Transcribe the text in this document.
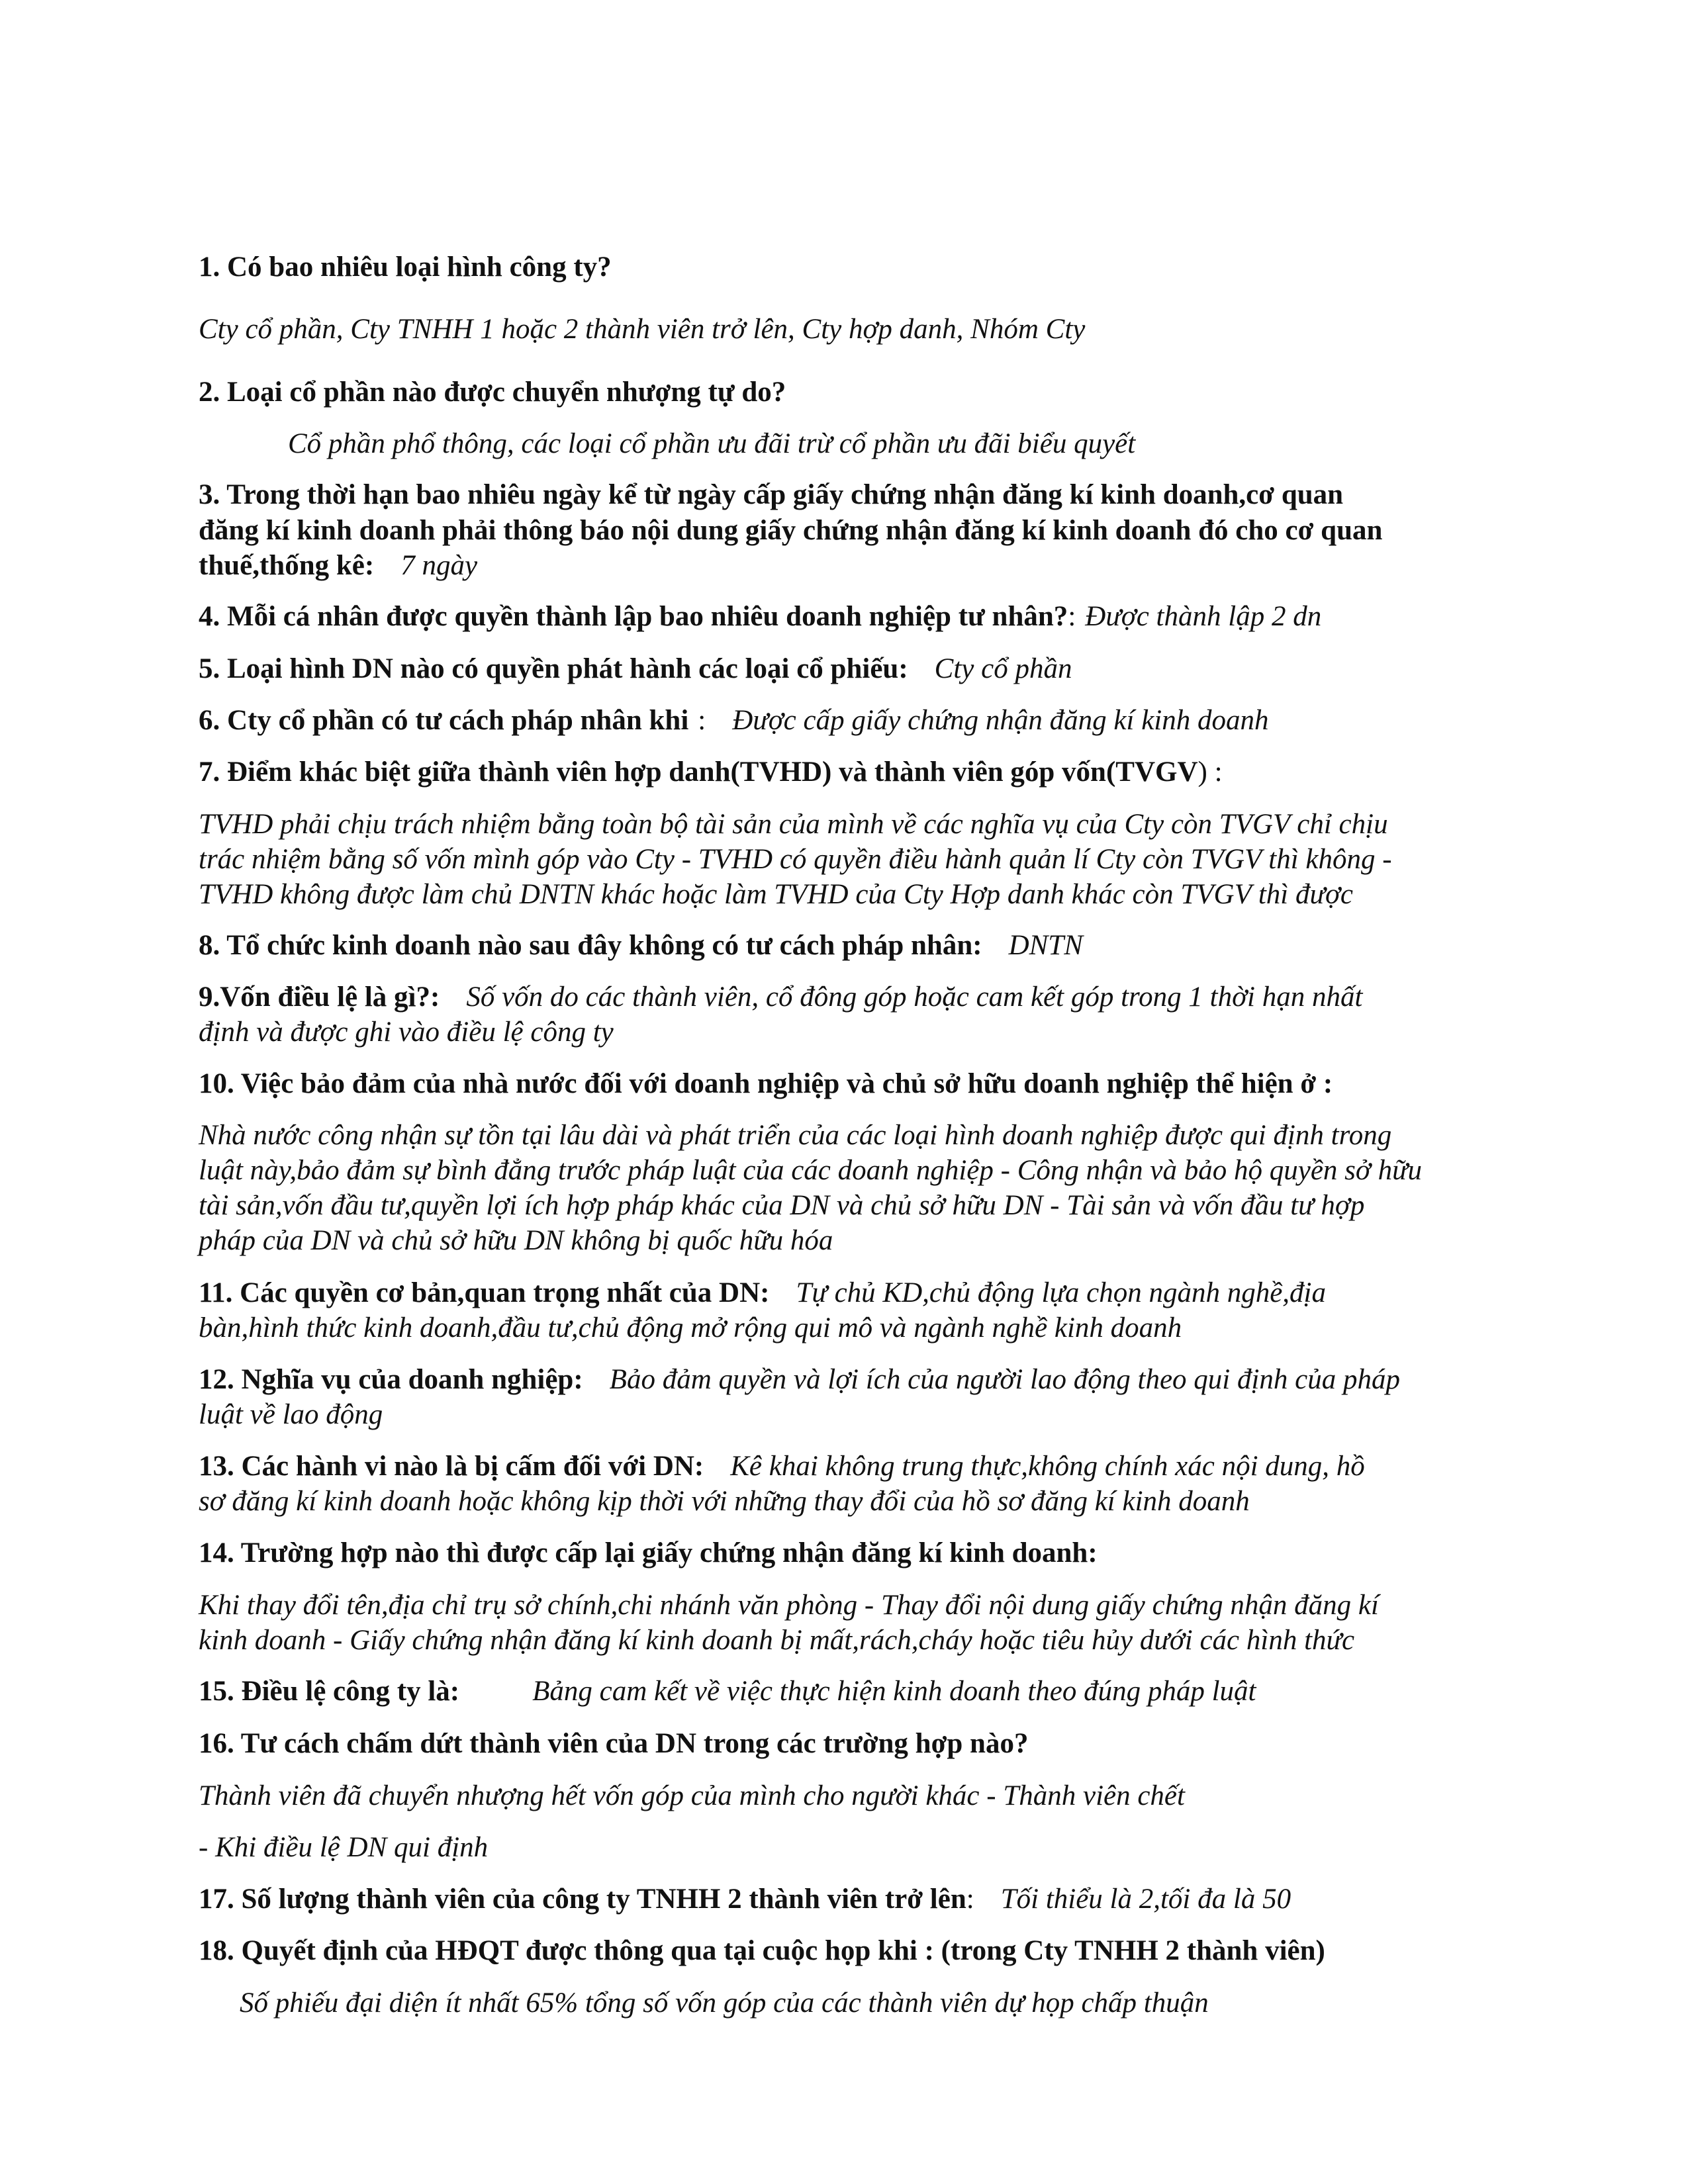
1. Có bao nhiêu loại hình công ty?
Cty cổ phần, Cty TNHH 1 hoặc 2 thành viên trở lên, Cty hợp danh, Nhóm Cty
2. Loại cổ phần nào được chuyển nhượng tự do?
Cổ phần phổ thông, các loại cổ phần ưu đãi trừ cổ phần ưu đãi biểu quyết
3. Trong thời hạn bao nhiêu ngày kể từ ngày cấp giấy chứng nhận đăng kí kinh doanh,cơ quan
đăng kí kinh doanh phải thông báo nội dung giấy chứng nhận đăng kí kinh doanh đó cho cơ quan
thuế,thống kê: 7 ngày
4. Mỗi cá nhân được quyền thành lập bao nhiêu doanh nghiệp tư nhân?: Được thành lập 2 dn
5. Loại hình DN nào có quyền phát hành các loại cổ phiếu: Cty cổ phần
6. Cty cổ phần có tư cách pháp nhân khi : Được cấp giấy chứng nhận đăng kí kinh doanh
7. Điểm khác biệt giữa thành viên hợp danh(TVHD) và thành viên góp vốn(TVGV) :
TVHD phải chịu trách nhiệm bằng toàn bộ tài sản của mình về các nghĩa vụ của Cty còn TVGV chỉ chịu
trác nhiệm bằng số vốn mình góp vào Cty - TVHD có quyền điều hành quản lí Cty còn TVGV thì không -
TVHD không được làm chủ DNTN khác hoặc làm TVHD của Cty Hợp danh khác còn TVGV thì được
8. Tổ chức kinh doanh nào sau đây không có tư cách pháp nhân: DNTN
9.Vốn điều lệ là gì?: Số vốn do các thành viên, cổ đông góp hoặc cam kết góp trong 1 thời hạn nhất
định và được ghi vào điều lệ công ty
10. Việc bảo đảm của nhà nước đối với doanh nghiệp và chủ sở hữu doanh nghiệp thể hiện ở :
Nhà nước công nhận sự tồn tại lâu dài và phát triển của các loại hình doanh nghiệp được qui định trong
luật này,bảo đảm sự bình đẳng trước pháp luật của các doanh nghiệp - Công nhận và bảo hộ quyền sở hữu
tài sản,vốn đầu tư,quyền lợi ích hợp pháp khác của DN và chủ sở hữu DN - Tài sản và vốn đầu tư hợp
pháp của DN và chủ sở hữu DN không bị quốc hữu hóa
11. Các quyền cơ bản,quan trọng nhất của DN: Tự chủ KD,chủ động lựa chọn ngành nghề,địa
bàn,hình thức kinh doanh,đầu tư,chủ động mở rộng qui mô và ngành nghề kinh doanh
12. Nghĩa vụ của doanh nghiệp: Bảo đảm quyền và lợi ích của người lao động theo qui định của pháp
luật về lao động
13. Các hành vi nào là bị cấm đối với DN: Kê khai không trung thực,không chính xác nội dung, hồ
sơ đăng kí kinh doanh hoặc không kịp thời với những thay đổi của hồ sơ đăng kí kinh doanh
14. Trường hợp nào thì được cấp lại giấy chứng nhận đăng kí kinh doanh:
Khi thay đổi tên,địa chỉ trụ sở chính,chi nhánh văn phòng - Thay đổi nội dung giấy chứng nhận đăng kí
kinh doanh - Giấy chứng nhận đăng kí kinh doanh bị mất,rách,cháy hoặc tiêu hủy dưới các hình thức
15. Điều lệ công ty là:	Bảng cam kết về việc thực hiện kinh doanh theo đúng pháp luật
16. Tư cách chấm dứt thành viên của DN trong các trường hợp nào?
Thành viên đã chuyển nhượng hết vốn góp của mình cho người khác - Thành viên chết
- Khi điều lệ DN qui định
17. Số lượng thành viên của công ty TNHH 2 thành viên trở lên: Tối thiểu là 2,tối đa là 50
18. Quyết định của HĐQT được thông qua tại cuộc họp khi : (trong Cty TNHH 2 thành viên)
Số phiếu đại diện ít nhất 65% tổng số vốn góp của các thành viên dự họp chấp thuận
